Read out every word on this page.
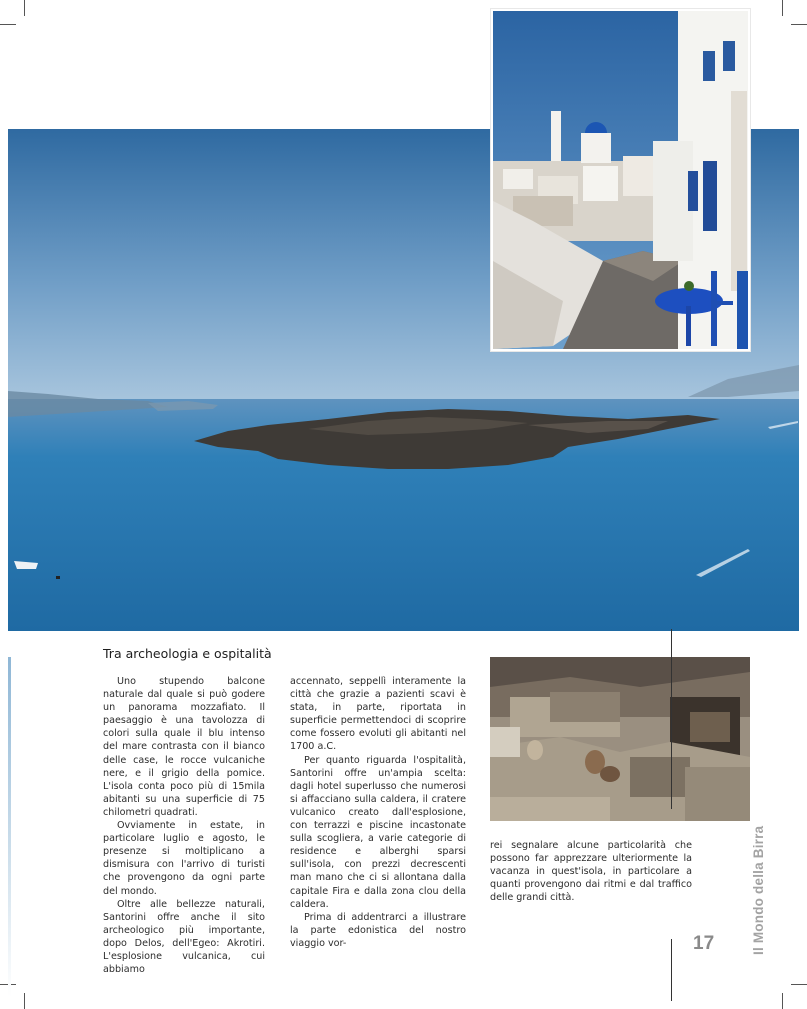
Tra archeologia e ospitalità

Uno stupendo balcone naturale dal quale si può godere un panorama mozzafiato. Il paesaggio è una tavolozza di colori sulla quale il blu intenso del mare contrasta con il bianco delle case, le rocce vulcaniche nere, e il grigio della pomice. L'isola conta poco più di 15mila abitanti su una superficie di 75 chilometri quadrati.

Ovviamente in estate, in particolare luglio e agosto, le presenze si moltiplicano a dismisura con l'arrivo di turisti che provengono da ogni parte del mondo.

Oltre alle bellezze naturali, Santorini offre anche il sito archeologico più importante, dopo Delos, dell'Egeo: Akrotiri. L'esplosione vulcanica, cui abbiamo

accennato, seppellì interamente la città che grazie a pazienti scavi è stata, in parte, riportata in superficie permettendoci di scoprire come fossero evoluti gli abitanti nel 1700 a.C.

Per quanto riguarda l'ospitalità, Santorini offre un'ampia scelta: dagli hotel superlusso che numerosi si affacciano sulla caldera, il cratere vulcanico creato dall'esplosione, con terrazzi e piscine incastonate sulla scogliera, a varie categorie di residence e alberghi sparsi sull'isola, con prezzi decrescenti man mano che ci si allontana dalla capitale Fira e dalla zona clou della caldera.

Prima di addentrarci a illustrare la parte edonistica del nostro viaggio vor-

rei segnalare alcune particolarità che possono far apprezzare ulteriormente la vacanza in quest'isola, in particolare a quanti provengono dai ritmi e dal traffico delle grandi città.

17	Il Mondo della Birra
